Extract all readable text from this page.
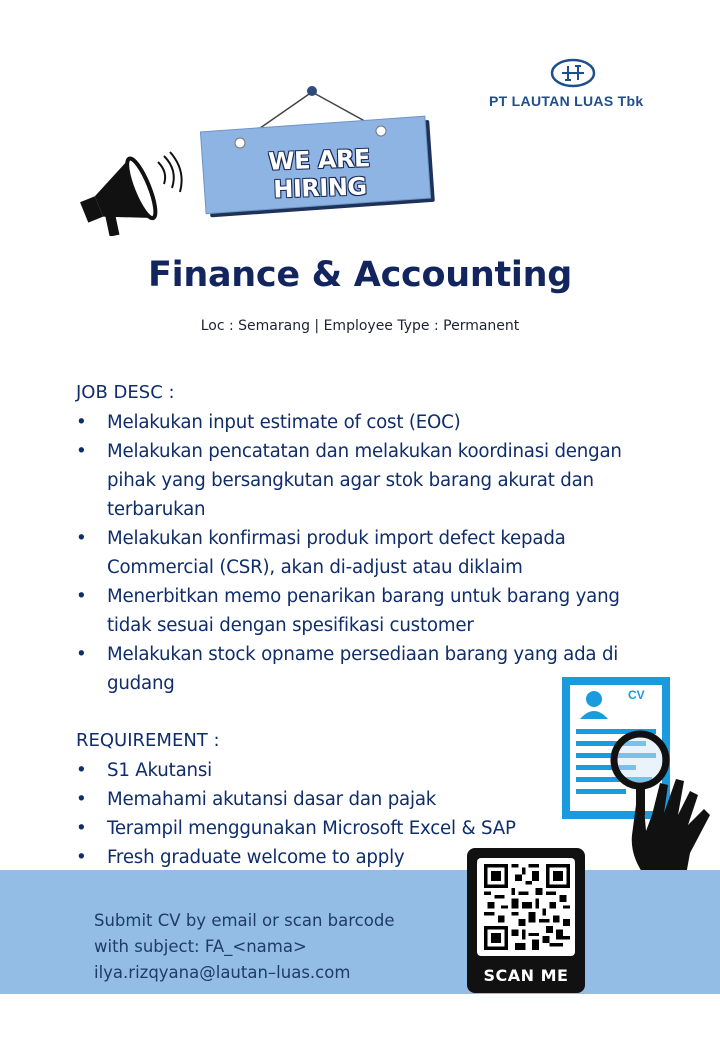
PT LAUTAN LUAS Tbk
WE ARE HIRING
Finance & Accounting
Loc : Semarang | Employee Type : Permanent
JOB DESC :
• Melakukan input estimate of cost (EOC)
• Melakukan pencatatan dan melakukan koordinasi dengan pihak yang bersangkutan agar stok barang akurat dan terbarukan
• Melakukan konfirmasi produk import defect kepada Commercial (CSR), akan di-adjust atau diklaim
• Menerbitkan memo penarikan barang untuk barang yang tidak sesuai dengan spesifikasi customer
• Melakukan stock opname persediaan barang yang ada di gudang
REQUIREMENT :
• S1 Akutansi
• Memahami akutansi dasar dan pajak
• Terampil menggunakan Microsoft Excel & SAP
• Fresh graduate welcome to apply
CV
Submit CV by email or scan barcode
with subject: FA_<nama>
ilya.rizqyana@lautan–luas.com	SCAN ME
